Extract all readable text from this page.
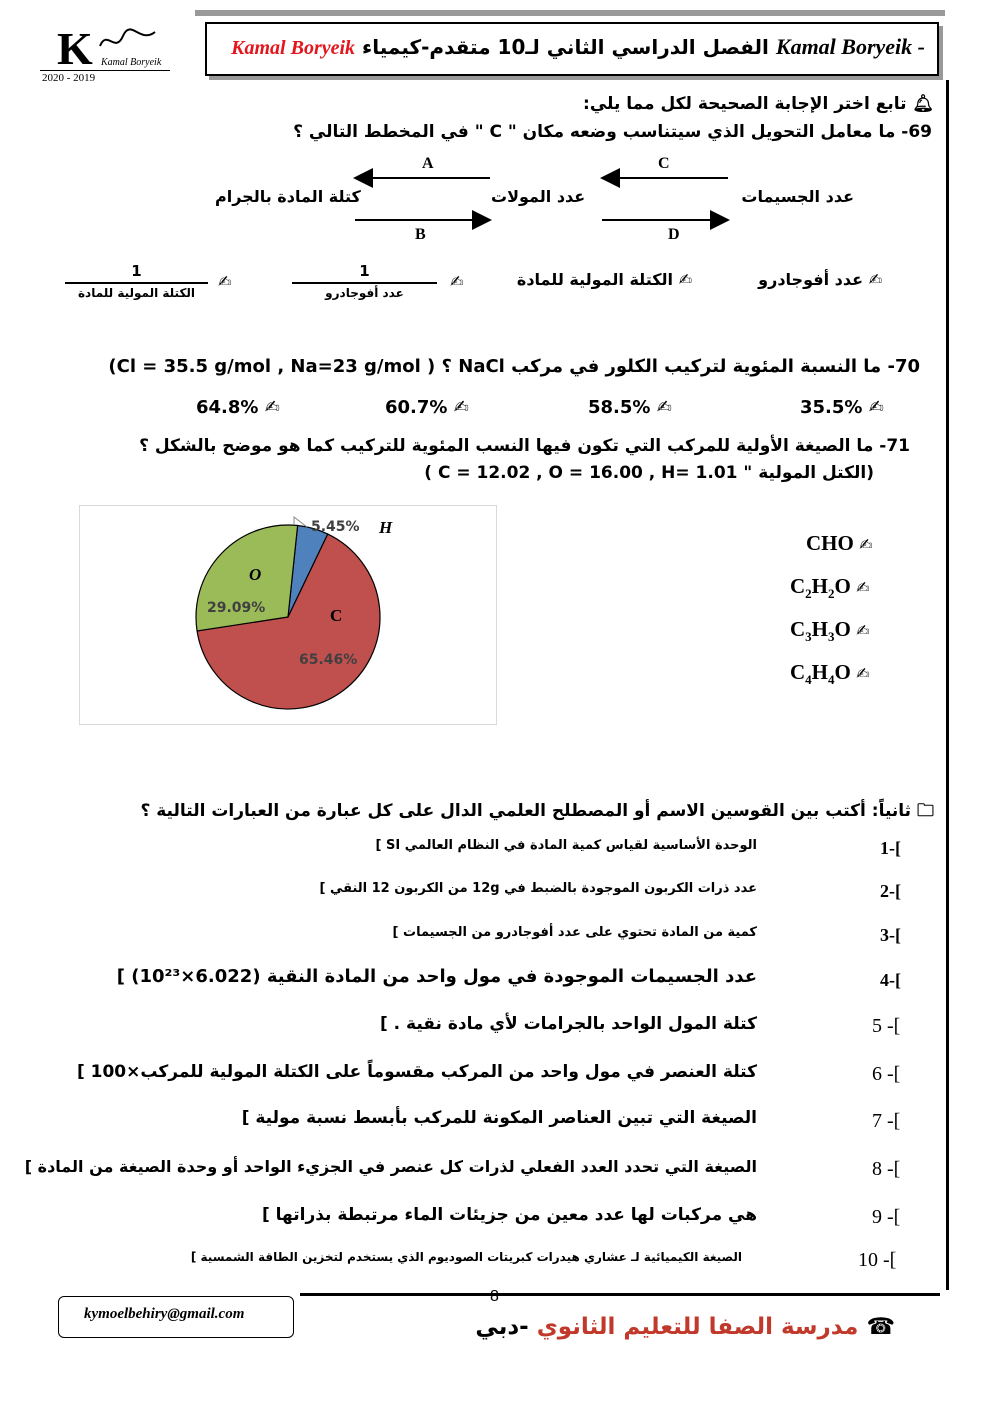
Kamal Boryeik الفصل الدراسي الثاني لـ10 متقدم-كيمياء Kamal Boryeik -
K Kamal Boryeik
2020 - 2019
🔔︎ تابع اختر الإجابة الصحيحة لكل مما يلي:
69- ما معامل التحويل الذي سيتناسب وضعه مكان " C " في المخطط التالي ؟
عدد الجسيمات
عدد المولات
كتلة المادة بالجرام
A
B
C
D
✍ عدد أفوجادرو
✍ الكتلة المولية للمادة
✍
1
عدد أفوجادرو
✍
1
الكتلة المولية للمادة
70- ما النسبة المئوية لتركيب الكلور في مركب NaCl ؟ ( Cl = 35.5 g/mol , Na=23 g/mol)
35.5% ✍
58.5% ✍
60.7% ✍
64.8% ✍
71- ما الصيغة الأولية للمركب التي تكون فيها النسب المئوية للتركيب كما هو موضح بالشكل ؟
(الكتل المولية " C = 12.02 , O = 16.00 , H= 1.01 )
H
5.45%
C
65.46%
O
29.09%
CHO ✍
$C_2H_2O$ ✍
$C_3H_3O$ ✍
$C_4H_4O$ ✍
🗀︎ ثانياً: أكتب بين القوسين الاسم أو المصطلح العلمي الدال على كل عبارة من العبارات التالية ؟
1-[
الوحدة الأساسية لقياس كمية المادة في النظام العالمي SI ]
2-[
عدد ذرات الكربون الموجودة بالضبط في 12g من الكربون 12 النقي ]
3-[
كمية من المادة تحتوي على عدد أفوجادرو من الجسيمات ]
4-[
عدد الجسيمات الموجودة في مول واحد من المادة النقية (6.022×10²³) ]
5 -[
كتلة المول الواحد بالجرامات لأي مادة نقية . ]
6 -[
كتلة العنصر في مول واحد من المركب مقسوماً على الكتلة المولية للمركب×100 ]
7 -[
الصيغة التي تبين العناصر المكونة للمركب بأبسط نسبة مولية ]
8 -[
الصيغة التي تحدد العدد الفعلي لذرات كل عنصر في الجزيء الواحد أو وحدة الصيغة من المادة ]
9 -[
هي مركبات لها عدد معين من جزيئات الماء مرتبطة بذراتها ]
10 -[
الصيغة الكيميائية لـ عشاري هيدرات كبريتات الصوديوم الذي يستخدم لتخزين الطاقة الشمسية ]
8
kymoelbehiry@gmail.com	☎ مدرسة الصفا للتعليم الثانوي -دبي
